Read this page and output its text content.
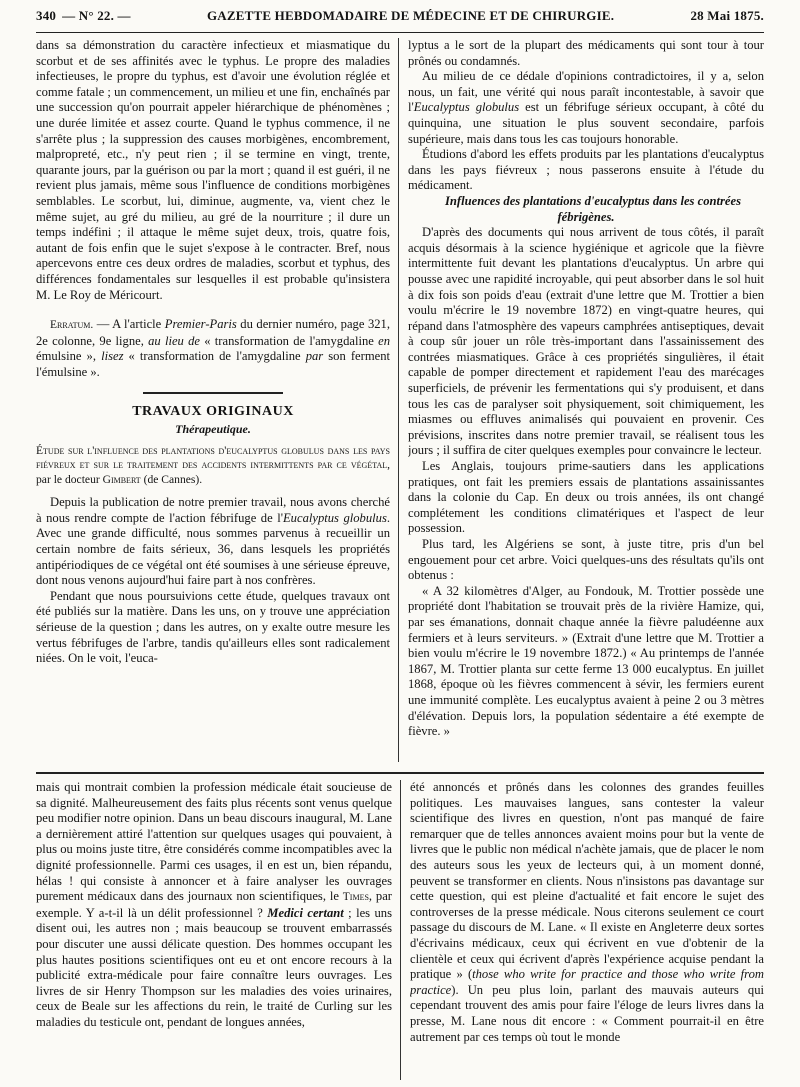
340 — N° 22. —	GAZETTE HEBDOMADAIRE DE MÉDECINE ET DE CHIRURGIE.	28 Mai 1875.

dans sa démonstration du caractère infectieux et miasmatique du scorbut et de ses affinités avec le typhus. Le propre des maladies infectieuses, le propre du typhus, est d'avoir une évolution réglée et comme fatale ; un commencement, un milieu et une fin, enchaînés par une succession qu'on pourrait appeler hiérarchique de phénomènes ; une durée limitée et assez courte. Quand le typhus commence, il ne s'arrête plus ; la suppression des causes morbigènes, encombrement, malpropreté, etc., n'y peut rien ; il se termine en vingt, trente, quarante jours, par la guérison ou par la mort ; quand il est guéri, il ne revient plus jamais, même sous l'influence de conditions morbigènes semblables. Le scorbut, lui, diminue, augmente, va, vient chez le même sujet, au gré du milieu, au gré de la nourriture ; il dure un temps indéfini ; il attaque le même sujet deux, trois, quatre fois, autant de fois enfin que le sujet s'expose à le contracter. Bref, nous apercevons entre ces deux ordres de maladies, scorbut et typhus, des différences fondamentales sur lesquelles il est probable qu'insistera M. Le Roy de Méricourt.

Erratum. — A l'article Premier-Paris du dernier numéro, page 321, 2e colonne, 9e ligne, au lieu de « transformation de l'amygdaline en émulsine », lisez « transformation de l'amygdaline par son ferment l'émulsine ».

TRAVAUX ORIGINAUX
Thérapeutique.

Étude sur l'influence des plantations d'eucalyptus globulus dans les pays fiévreux et sur le traitement des accidents intermittents par ce végétal, par le docteur Gimbert (de Cannes).

Depuis la publication de notre premier travail, nous avons cherché à nous rendre compte de l'action fébrifuge de l'Eucalyptus globulus. Avec une grande difficulté, nous sommes parvenus à recueillir un certain nombre de faits sérieux, 36, dans lesquels les propriétés antipériodiques de ce végétal ont été soumises à une sérieuse épreuve, dont nous venons aujourd'hui faire part à nos confrères.

Pendant que nous poursuivions cette étude, quelques travaux ont été publiés sur la matière. Dans les uns, on y trouve une appréciation sérieuse de la question ; dans les autres, on y exalte outre mesure les vertus fébrifuges de l'arbre, tandis qu'ailleurs elles sont radicalement niées. On le voit, l'euca-

lyptus a le sort de la plupart des médicaments qui sont tour à tour prônés ou condamnés.

Au milieu de ce dédale d'opinions contradictoires, il y a, selon nous, un fait, une vérité qui nous paraît incontestable, à savoir que l'Eucalyptus globulus est un fébrifuge sérieux occupant, à côté du quinquina, une situation le plus souvent secondaire, parfois supérieure, mais dans tous les cas toujours honorable.

Étudions d'abord les effets produits par les plantations d'eucalyptus dans les pays fiévreux ; nous passerons ensuite à l'étude du médicament.

Influences des plantations d'eucalyptus dans les contrées fébrigènes.

D'après des documents qui nous arrivent de tous côtés, il paraît acquis désormais à la science hygiénique et agricole que la fièvre intermittente fuit devant les plantations d'eucalyptus. Un arbre qui pousse avec une rapidité incroyable, qui peut absorber dans le sol huit à dix fois son poids d'eau (extrait d'une lettre que M. Trottier a bien voulu m'écrire le 19 novembre 1872) en vingt-quatre heures, qui répand dans l'atmosphère des vapeurs camphrées antiseptiques, devait à coup sûr jouer un rôle très-important dans l'assainissement des contrées miasmatiques. Grâce à ces propriétés singulières, il était capable de pomper directement et rapidement l'eau des marécages superficiels, de prévenir les fermentations qui s'y produisent, et dans tous les cas de paralyser soit physiquement, soit chimiquement, les miasmes ou effluves animalisés qui pouvaient en provenir. Ces prévisions, inscrites dans notre premier travail, se réalisent tous les jours ; il suffira de citer quelques exemples pour convaincre le lecteur.

Les Anglais, toujours prime-sautiers dans les applications pratiques, ont fait les premiers essais de plantations assainissantes dans la colonie du Cap. En deux ou trois années, ils ont changé complétement les conditions climatériques et l'aspect de leur possession.

Plus tard, les Algériens se sont, à juste titre, pris d'un bel engouement pour cet arbre. Voici quelques-uns des résultats qu'ils ont obtenus :

« A 32 kilomètres d'Alger, au Fondouk, M. Trottier possède une propriété dont l'habitation se trouvait près de la rivière Hamize, qui, par ses émanations, donnait chaque année la fièvre paludéenne aux fermiers et à leurs serviteurs. » (Extrait d'une lettre que M. Trottier a bien voulu m'écrire le 19 novembre 1872.) « Au printemps de l'année 1867, M. Trottier planta sur cette ferme 13 000 eucalyptus. En juillet 1868, époque où les fièvres commencent à sévir, les fermiers eurent une immunité complète. Les eucalyptus avaient à peine 2 ou 3 mètres d'élévation. Depuis lors, la population sédentaire a été exempte de fièvre. »

mais qui montrait combien la profession médicale était soucieuse de sa dignité. Malheureusement des faits plus récents sont venus quelque peu modifier notre opinion. Dans un beau discours inaugural, M. Lane a dernièrement attiré l'attention sur quelques usages qui pouvaient, à plus ou moins juste titre, être considérés comme incompatibles avec la dignité professionnelle. Parmi ces usages, il en est un, bien répandu, hélas ! qui consiste à annoncer et à faire analyser les ouvrages purement médicaux dans des journaux non scientifiques, le Times, par exemple. Y a-t-il là un délit professionnel ? Medici certant ; les uns disent oui, les autres non ; mais beaucoup se trouvent embarrassés pour discuter une aussi délicate question. Des hommes occupant les plus hautes positions scientifiques ont eu et ont encore recours à la publicité extra-médicale pour faire connaître leurs ouvrages. Les livres de sir Henry Thompson sur les maladies des voies urinaires, ceux de Beale sur les affections du rein, le traité de Curling sur les maladies du testicule ont, pendant de longues années,

été annoncés et prônés dans les colonnes des grandes feuilles politiques. Les mauvaises langues, sans contester la valeur scientifique des livres en question, n'ont pas manqué de faire remarquer que de telles annonces avaient moins pour but la vente de livres que le public non médical n'achète jamais, que de placer le nom des auteurs sous les yeux de lecteurs qui, à un moment donné, peuvent se transformer en clients. Nous n'insistons pas davantage sur cette question, qui est pleine d'actualité et fait encore le sujet des controverses de la presse médicale. Nous citerons seulement ce court passage du discours de M. Lane. « Il existe en Angleterre deux sortes d'écrivains médicaux, ceux qui écrivent en vue d'obtenir de la clientèle et ceux qui écrivent d'après l'expérience acquise pendant la pratique » (those who write for practice and those who write from practice). Un peu plus loin, parlant des mauvais auteurs qui cependant trouvent des amis pour faire l'éloge de leurs livres dans la presse, M. Lane nous dit encore : « Comment pourrait-il en être autrement par ces temps où tout le monde
